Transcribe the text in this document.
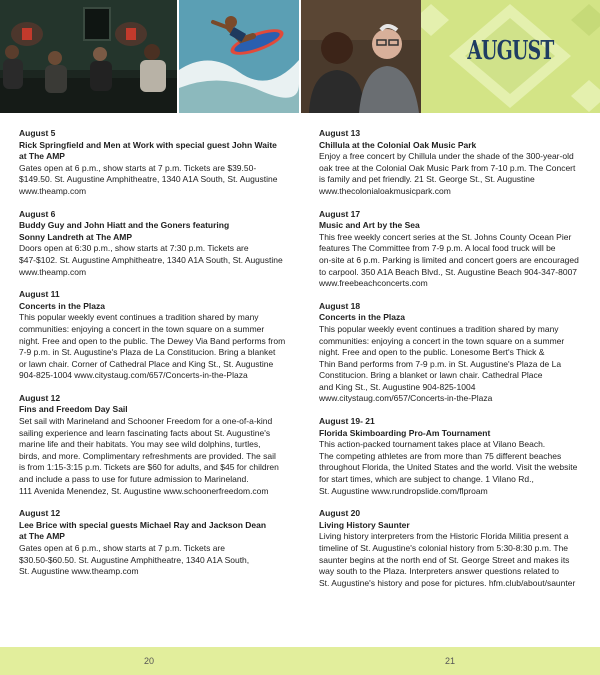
AUGUST

August 5

Rick Springfield and Men at Work with special guest John Waite
at The AMP

Gates open at 6 p.m., show starts at 7 p.m. Tickets are $39.50-
$149.50. St. Augustine Amphitheatre, 1340 A1A South, St. Augustine
www.theamp.com

August 6

Buddy Guy and John Hiatt and the Goners featuring
Sonny Landreth at The AMP

Doors open at 6:30 p.m., show starts at 7:30 p.m. Tickets are
$47-$102. St. Augustine Amphitheatre, 1340 A1A South, St. Augustine
www.theamp.com

August 11

Concerts in the Plaza

This popular weekly event continues a tradition shared by many
communities: enjoying a concert in the town square on a summer
night. Free and open to the public. The Dewey Via Band performs from
7-9 p.m. in St. Augustine's Plaza de La Constitucion. Bring a blanket
or lawn chair. Corner of Cathedral Place and King St., St. Augustine
904-825-1004 www.citystaug.com/657/Concerts-in-the-Plaza

August 12

Fins and Freedom Day Sail

Set sail with Marineland and Schooner Freedom for a one-of-a-kind
sailing experience and learn fascinating facts about St. Augustine's
marine life and their habitats. You may see wild dolphins, turtles,
birds, and more. Complimentary refreshments are provided. The sail
is from 1:15-3:15 p.m. Tickets are $60 for adults, and $45 for children
and include a pass to use for future admission to Marineland.
111 Avenida Menendez, St. Augustine www.schoonerfreedom.com

August 12

Lee Brice with special guests Michael Ray and Jackson Dean
at The AMP

Gates open at 6 p.m., show starts at 7 p.m. Tickets are
$30.50-$60.50. St. Augustine Amphitheatre, 1340 A1A South,
St. Augustine www.theamp.com

August 13

Chillula at the Colonial Oak Music Park

Enjoy a free concert by Chillula under the shade of the 300-year-old
oak tree at the Colonial Oak Music Park from 7-10 p.m. The Concert
is family and pet friendly. 21 St. George St., St. Augustine
www.thecolonialoakmusicpark.com

August 17

Music and Art by the Sea

This free weekly concert series at the St. Johns County Ocean Pier
features The Committee from 7-9 p.m. A local food truck will be
on-site at 6 p.m. Parking is limited and concert goers are encouraged
to carpool. 350 A1A Beach Blvd., St. Augustine Beach 904-347-8007
www.freebeachconcerts.com

August 18

Concerts in the Plaza

This popular weekly event continues a tradition shared by many
communities: enjoying a concert in the town square on a summer
night. Free and open to the public. Lonesome Bert's Thick &
Thin Band performs from 7-9 p.m. in St. Augustine's Plaza de La
Constitucion. Bring a blanket or lawn chair. Cathedral Place
and King St., St. Augustine 904-825-1004
www.citystaug.com/657/Concerts-in-the-Plaza

August 19- 21

Florida Skimboarding Pro-Am Tournament

This action-packed tournament takes place at Vilano Beach.
The competing athletes are from more than 75 different beaches
throughout Florida, the United States and the world. Visit the website
for start times, which are subject to change. 1 Vilano Rd.,
St. Augustine www.rundropslide.com/flproam

August 20

Living History Saunter

Living history interpreters from the Historic Florida Militia present a
timeline of St. Augustine's colonial history from 5:30-8:30 p.m. The
saunter begins at the north end of St. George Street and makes its
way south to the Plaza. Interpreters answer questions related to
St. Augustine's history and pose for pictures. hfm.club/about/saunter

20	21
